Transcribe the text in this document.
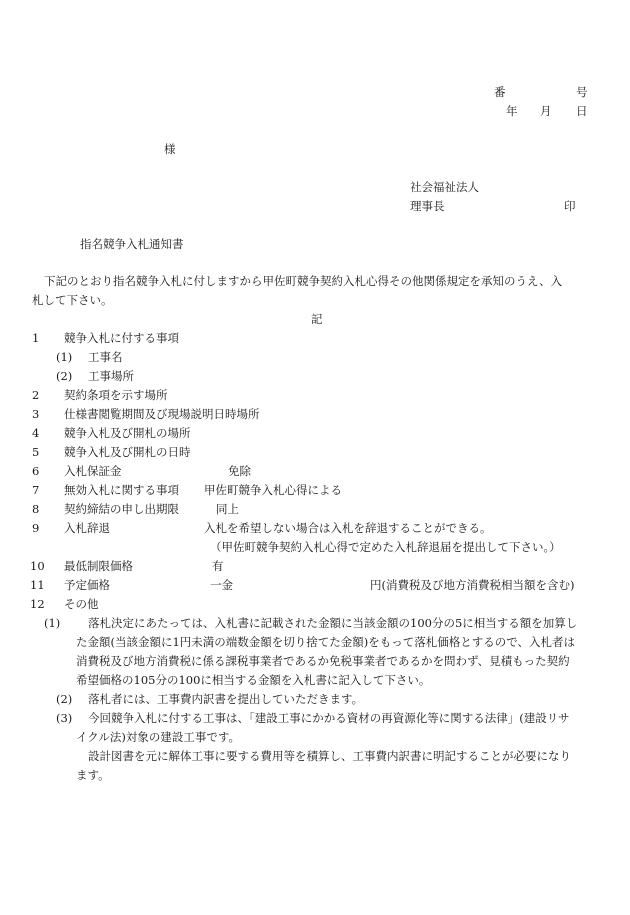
番	号
年 月 日
様
社会福祉法人
理事長	印
指名競争入札通知書
下記のとおり指名競争入札に付しますから甲佐町競争契約入札心得その他関係規定を承知のうえ、入
札して下さい。
記
1 競争入札に付する事項
(1) 工事名
(2) 工事場所
2 契約条項を示す場所
3 仕様書閲覧期間及び現場説明日時場所
4 競争入札及び開札の場所
5 競争入札及び開札の日時
6 入札保証金	免除
7 無効入札に関する事項 甲佐町競争入札心得による
8 契約締結の申し出期限	同上
9 入札辞退	入札を希望しない場合は入札を辞退することができる。
（甲佐町競争契約入札心得で定めた入札辞退届を提出して下さい。）
10 最低制限価格	有
11 予定価格	一金	円(消費税及び地方消費税相当額を含む)
12 その他
(1) 落札決定にあたっては、入札書に記載された金額に当該金額の100分の5に相当する額を加算し
た金額(当該金額に1円未満の端数金額を切り捨てた金額)をもって落札価格とするので、入札者は
消費税及び地方消費税に係る課税事業者であるか免税事業者であるかを問わず、見積もった契約
希望価格の105分の100に相当する金額を入札書に記入して下さい。
(2) 落札者には、工事費内訳書を提出していただきます。
(3) 今回競争入札に付する工事は、「建設工事にかかる資材の再資源化等に関する法律」(建設リサ
イクル法)対象の建設工事です。
設計図書を元に解体工事に要する費用等を積算し、工事費内訳書に明記することが必要になり
ます。
